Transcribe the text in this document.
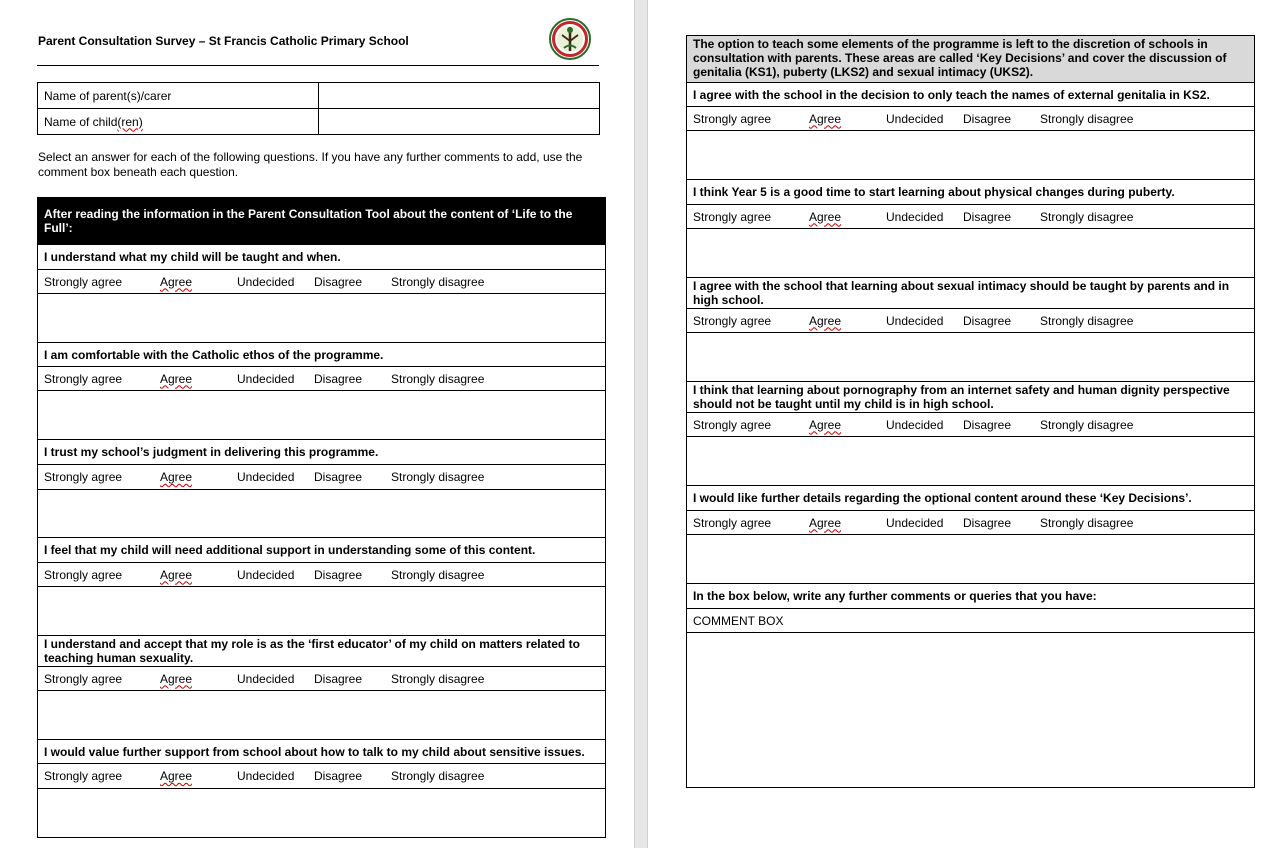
Parent Consultation Survey – St Francis Catholic Primary School
Name of parent(s)/carer	
Name of child(ren)	
Select an answer for each of the following questions. If you have any further comments to add, use the comment box beneath each question.
After reading the information in the Parent Consultation Tool about the content of ‘Life to the Full’:
I understand what my child will be taught and when.

Strongly agree	Agree	Undecided	Disagree	Strongly disagree

I am comfortable with the Catholic ethos of the programme.

Strongly agree	Agree	Undecided	Disagree	Strongly disagree

I trust my school’s judgment in delivering this programme.

Strongly agree	Agree	Undecided	Disagree	Strongly disagree

I feel that my child will need additional support in understanding some of this content.

Strongly agree	Agree	Undecided	Disagree	Strongly disagree

I understand and accept that my role is as the ‘first educator’ of my child on matters related to teaching human sexuality.

Strongly agree	Agree	Undecided	Disagree	Strongly disagree

I would value further support from school about how to talk to my child about sensitive issues.

Strongly agree	Agree	Undecided	Disagree	Strongly disagree

The option to teach some elements of the programme is left to the discretion of schools in consultation with parents. These areas are called ‘Key Decisions’ and cover the discussion of genitalia (KS1), puberty (LKS2) and sexual intimacy (UKS2).
I agree with the school in the decision to only teach the names of external genitalia in KS2.

Strongly agree	Agree	Undecided	Disagree	Strongly disagree

I think Year 5 is a good time to start learning about physical changes during puberty.

Strongly agree	Agree	Undecided	Disagree	Strongly disagree

I agree with the school that learning about sexual intimacy should be taught by parents and in high school.

Strongly agree	Agree	Undecided	Disagree	Strongly disagree

I think that learning about pornography from an internet safety and human dignity perspective should not be taught until my child is in high school.

Strongly agree	Agree	Undecided	Disagree	Strongly disagree

I would like further details regarding the optional content around these ‘Key Decisions’.

Strongly agree	Agree	Undecided	Disagree	Strongly disagree

In the box below, write any further comments or queries that you have:
COMMENT BOX
